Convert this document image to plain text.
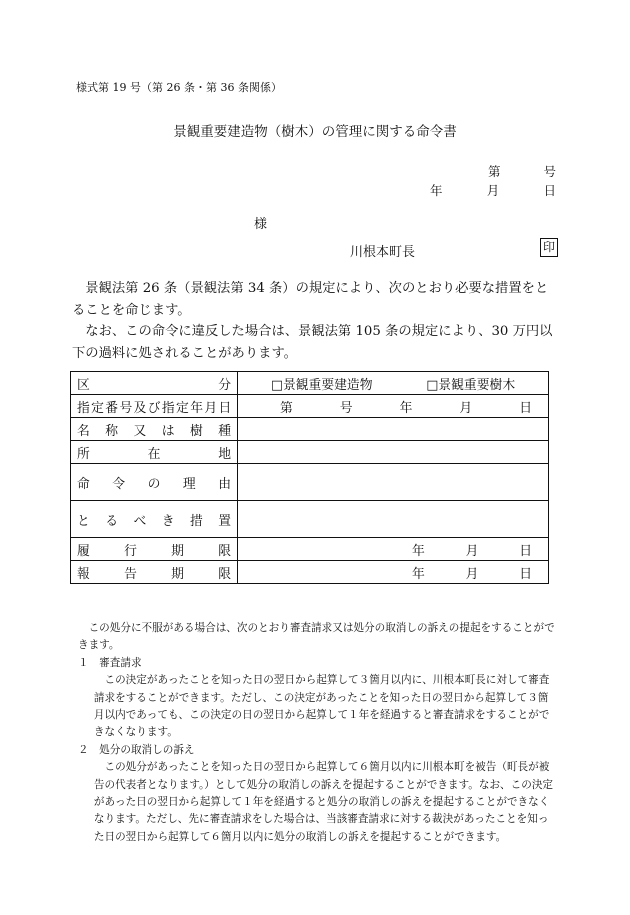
様式第 19 号（第 26 条・第 36 条関係）
景観重要建造物（樹木）の管理に関する命令書
第	号
年	月	日
様
川根本町長	印

景観法第 26 条（景観法第 34 条）の規定により、次のとおり必要な措置をとることを命じます。

なお、この命令に違反した場合は、景観法第 105 条の規定により、30 万円以下の過料に処されることがあります。

区分	□景観重要建造物 □景観重要樹木

指定番号及び指定年月日	第 号 年 月 日

名称又は樹種	
所在地	
命令の理由	
とるべき措置	
履行期限	年 月 日

報告期限	年 月 日

この処分に不服がある場合は、次のとおり審査請求又は処分の取消しの訴えの提起をすることができます。

１　審査請求

この決定があったことを知った日の翌日から起算して３箇月以内に、川根本町長に対して審査請求をすることができます。ただし、この決定があったことを知った日の翌日から起算して３箇月以内であっても、この決定の日の翌日から起算して１年を経過すると審査請求をすることができなくなります。

２　処分の取消しの訴え

この処分があったことを知った日の翌日から起算して６箇月以内に川根本町を被告（町長が被告の代表者となります。）として処分の取消しの訴えを提起することができます。なお、この決定があった日の翌日から起算して１年を経過すると処分の取消しの訴えを提起することができなくなります。ただし、先に審査請求をした場合は、当該審査請求に対する裁決があったことを知った日の翌日から起算して６箇月以内に処分の取消しの訴えを提起することができます。
